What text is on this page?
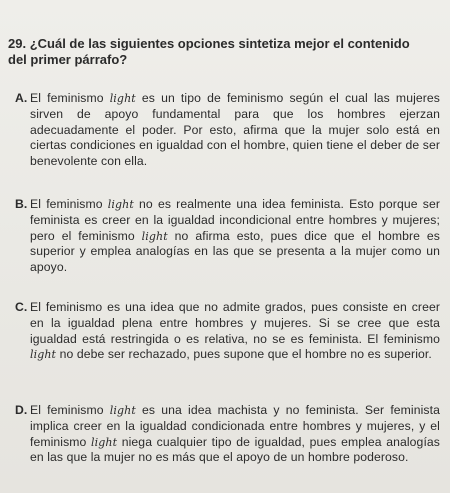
29. ¿Cuál de las siguientes opciones sintetiza mejor el contenido del primer párrafo?
A. El feminismo light es un tipo de feminismo según el cual las mujeres sirven de apoyo fundamental para que los hombres ejerzan adecuadamente el poder. Por esto, afirma que la mujer solo está en ciertas condiciones en igualdad con el hombre, quien tiene el deber de ser benevolente con ella.
B. El feminismo light no es realmente una idea feminista. Esto porque ser feminista es creer en la igualdad incondicional entre hombres y mujeres; pero el feminismo light no afirma esto, pues dice que el hombre es superior y emplea analogías en las que se presenta a la mujer como un apoyo.
C. El feminismo es una idea que no admite grados, pues consiste en creer en la igualdad plena entre hombres y mujeres. Si se cree que esta igualdad está restringida o es relativa, no se es feminista. El feminismo light no debe ser rechazado, pues supone que el hombre no es superior.
D. El feminismo light es una idea machista y no feminista. Ser feminista implica creer en la igualdad condicionada entre hombres y mujeres, y el feminismo light niega cualquier tipo de igualdad, pues emplea analogías en las que la mujer no es más que el apoyo de un hombre poderoso.
